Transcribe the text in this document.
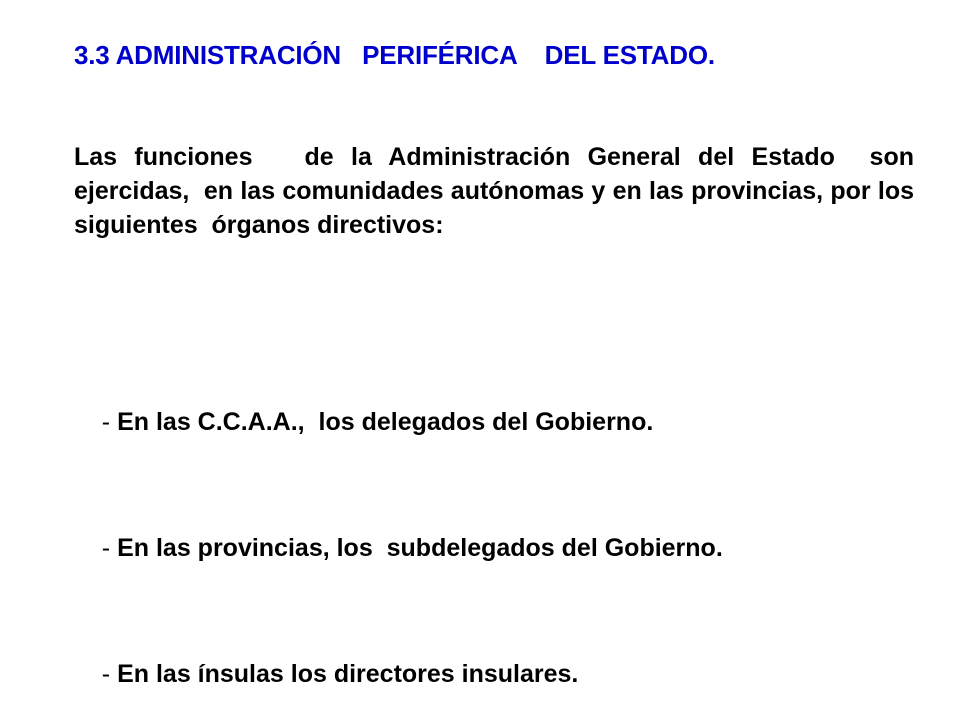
3.3 ADMINISTRACIÓN   PERIFÉRICA    DEL ESTADO.

Las funciones   de la Administración General del Estado  son ejercidas,  en las comunidades autónomas y en las provincias, por los siguientes  órganos directivos:

- En las C.C.A.A.,  los delegados del Gobierno.

- En las provincias, los  subdelegados del Gobierno.

- En las ínsulas los directores insulares.
